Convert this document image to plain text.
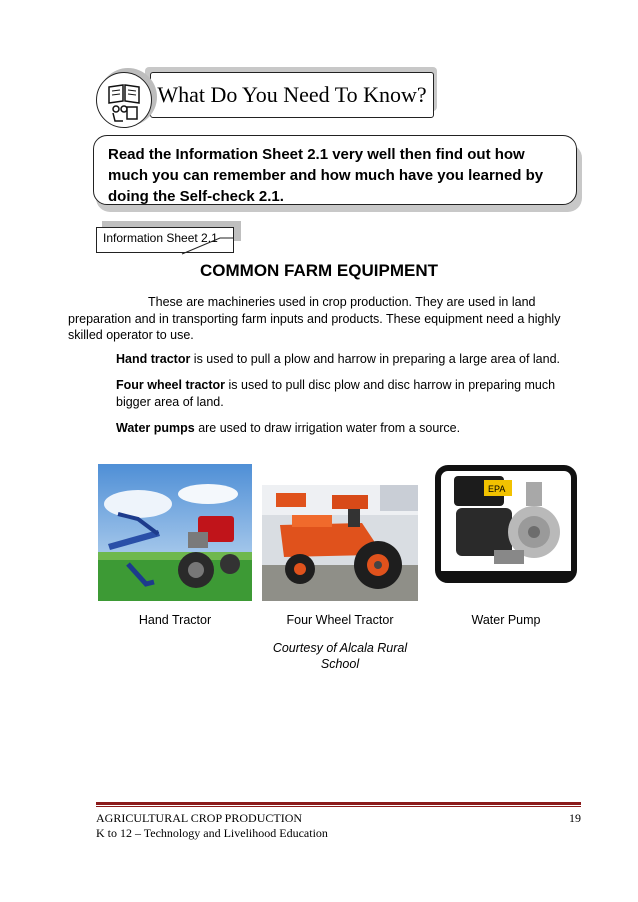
What Do You Need To Know?
Read the Information Sheet 2.1 very well then find out how much you can remember and how much have you learned by doing the Self-check 2.1.
Information Sheet 2.1
COMMON FARM EQUIPMENT
These are machineries used in crop production. They are used in land preparation and in transporting farm inputs and products. These equipment need a highly skilled operator to use.
Hand tractor is used to pull a plow and harrow in preparing a large area of land.
Four wheel tractor is used to pull disc plow and disc harrow in preparing much bigger area of land.
Water pumps are used to draw irrigation water from a source.
EPA
Hand Tractor	Four Wheel Tractor	Water Pump
Courtesy of Alcala Rural School
AGRICULTURAL CROP PRODUCTION
K to 12 – Technology and Livelihood Education
19
